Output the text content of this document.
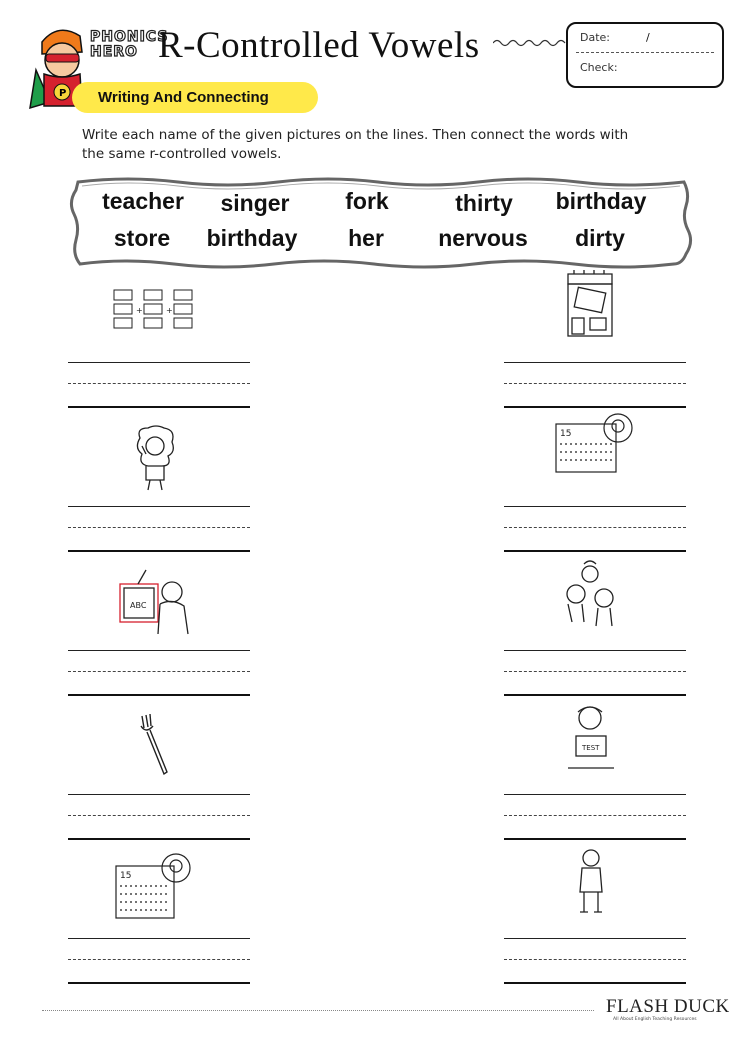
P
PHONICS
HERO R-Controlled Vowels	Date:	/
Check:
Writing And Connecting
Write each name of the given pictures on the lines. Then connect the words with the same r-controlled vowels.
teacher singer fork	thirty birthday
store birthday her nervous dirty
+	+
ABC
15
15
TEST
FLASH DUCK
All About English Teaching Resources
